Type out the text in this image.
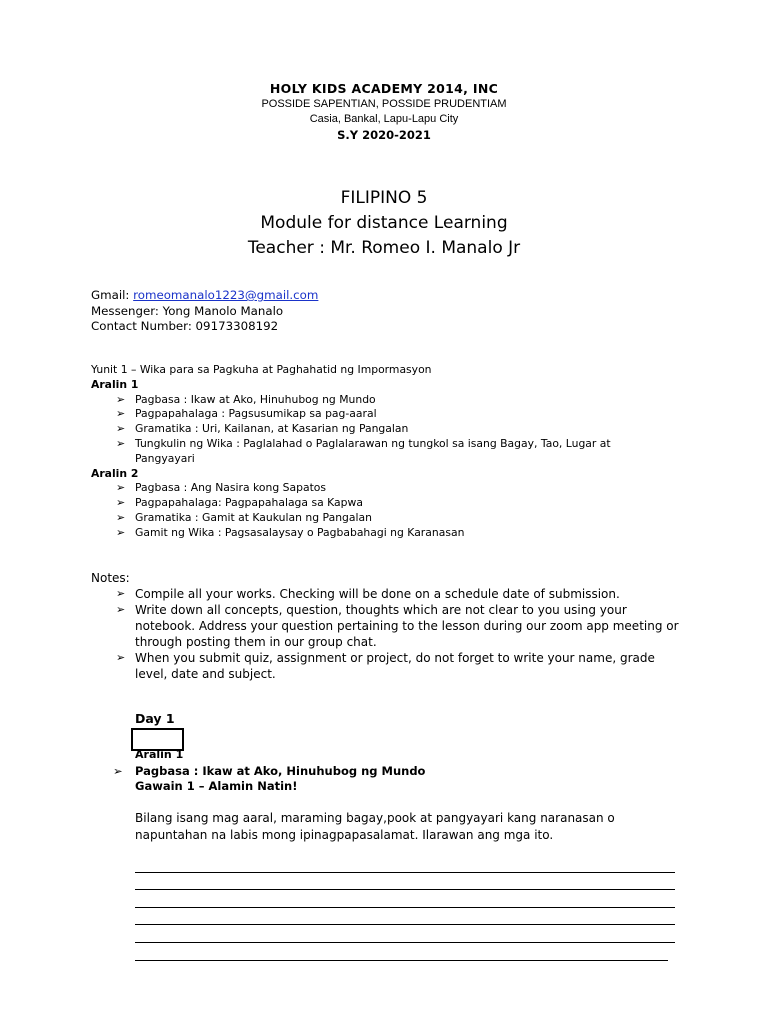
HOLY KIDS ACADEMY 2014, INC
POSSIDE SAPENTIAN, POSSIDE PRUDENTIAM
Casia, Bankal, Lapu-Lapu City
S.Y 2020-2021
FILIPINO 5
Module for distance Learning
Teacher : Mr. Romeo I. Manalo Jr
Gmail: romeomanalo1223@gmail.com
Messenger: Yong Manolo Manalo
Contact Number: 09173308192
Yunit 1 – Wika para sa Pagkuha at Paghahatid ng Impormasyon
Aralin 1
➢ Pagbasa : Ikaw at Ako, Hinuhubog ng Mundo
➢ Pagpapahalaga : Pagsusumikap sa pag-aaral
➢ Gramatika : Uri, Kailanan, at Kasarian ng Pangalan
➢ Tungkulin ng Wika : Paglalahad o Paglalarawan ng tungkol sa isang Bagay, Tao, Lugar at Pangyayari
Aralin 2
➢ Pagbasa : Ang Nasira kong Sapatos
➢ Pagpapahalaga: Pagpapahalaga sa Kapwa
➢ Gramatika : Gamit at Kaukulan ng Pangalan
➢ Gamit ng Wika : Pagsasalaysay o Pagbabahagi ng Karanasan
Notes:
➢ Compile all your works. Checking will be done on a schedule date of submission.
➢ Write down all concepts, question, thoughts which are not clear to you using your notebook. Address your question pertaining to the lesson during our zoom app meeting or through posting them in our group chat.
➢ When you submit quiz, assignment or project, do not forget to write your name, grade level, date and subject.
Day 1
Aralin 1
➢ Pagbasa : Ikaw at Ako, Hinuhubog ng Mundo
Gawain 1 – Alamin Natin!
Bilang isang mag aaral, maraming bagay,pook at pangyayari kang naranasan o napuntahan na labis mong ipinagpapasalamat. Ilarawan ang mga ito.
